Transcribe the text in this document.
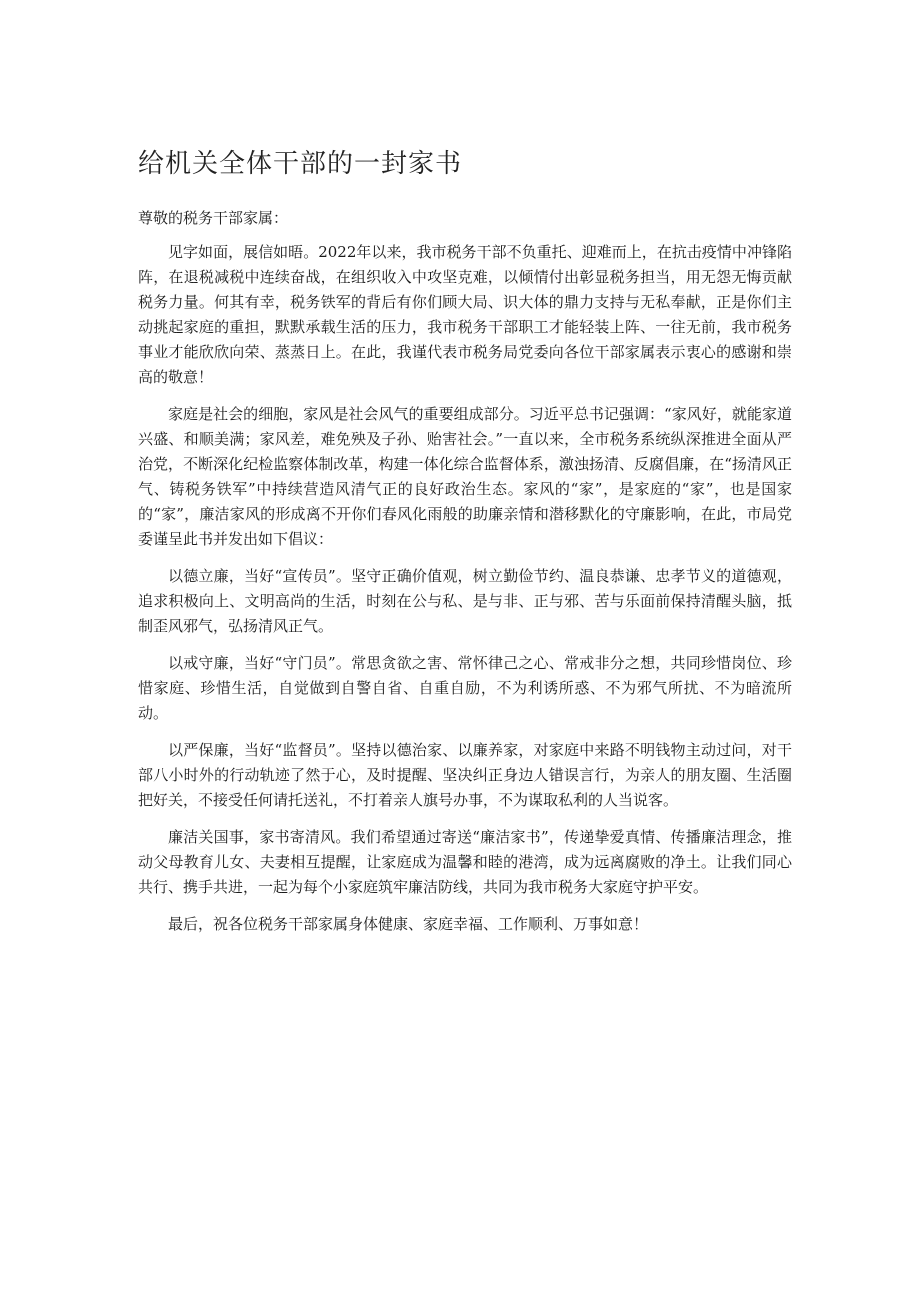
给机关全体干部的一封家书

尊敬的税务干部家属：

见字如面，展信如晤。2022年以来，我市税务干部不负重托、迎难而上，在抗击疫情中冲锋陷阵，在退税减税中连续奋战，在组织收入中攻坚克难，以倾情付出彰显税务担当，用无怨无悔贡献税务力量。何其有幸，税务铁军的背后有你们顾大局、识大体的鼎力支持与无私奉献，正是你们主动挑起家庭的重担，默默承载生活的压力，我市税务干部职工才能轻装上阵、一往无前，我市税务事业才能欣欣向荣、蒸蒸日上。在此，我谨代表市税务局党委向各位干部家属表示衷心的感谢和崇高的敬意！

家庭是社会的细胞，家风是社会风气的重要组成部分。习近平总书记强调：“家风好，就能家道兴盛、和顺美满；家风差，难免殃及子孙、贻害社会。”一直以来，全市税务系统纵深推进全面从严治党，不断深化纪检监察体制改革，构建一体化综合监督体系，激浊扬清、反腐倡廉，在“扬清风正气、铸税务铁军”中持续营造风清气正的良好政治生态。家风的“家”，是家庭的“家”，也是国家的“家”，廉洁家风的形成离不开你们春风化雨般的助廉亲情和潜移默化的守廉影响，在此，市局党委谨呈此书并发出如下倡议：

以德立廉，当好“宣传员”。坚守正确价值观，树立勤俭节约、温良恭谦、忠孝节义的道德观，追求积极向上、文明高尚的生活，时刻在公与私、是与非、正与邪、苦与乐面前保持清醒头脑，抵制歪风邪气，弘扬清风正气。

以戒守廉，当好“守门员”。常思贪欲之害、常怀律己之心、常戒非分之想，共同珍惜岗位、珍惜家庭、珍惜生活，自觉做到自警自省、自重自励，不为利诱所惑、不为邪气所扰、不为暗流所动。

以严保廉，当好“监督员”。坚持以德治家、以廉养家，对家庭中来路不明钱物主动过问，对干部八小时外的行动轨迹了然于心，及时提醒、坚决纠正身边人错误言行，为亲人的朋友圈、生活圈把好关，不接受任何请托送礼，不打着亲人旗号办事，不为谋取私利的人当说客。

廉洁关国事，家书寄清风。我们希望通过寄送“廉洁家书”，传递挚爱真情、传播廉洁理念，推动父母教育儿女、夫妻相互提醒，让家庭成为温馨和睦的港湾，成为远离腐败的净土。让我们同心共行、携手共进，一起为每个小家庭筑牢廉洁防线，共同为我市税务大家庭守护平安。

最后，祝各位税务干部家属身体健康、家庭幸福、工作顺利、万事如意！
